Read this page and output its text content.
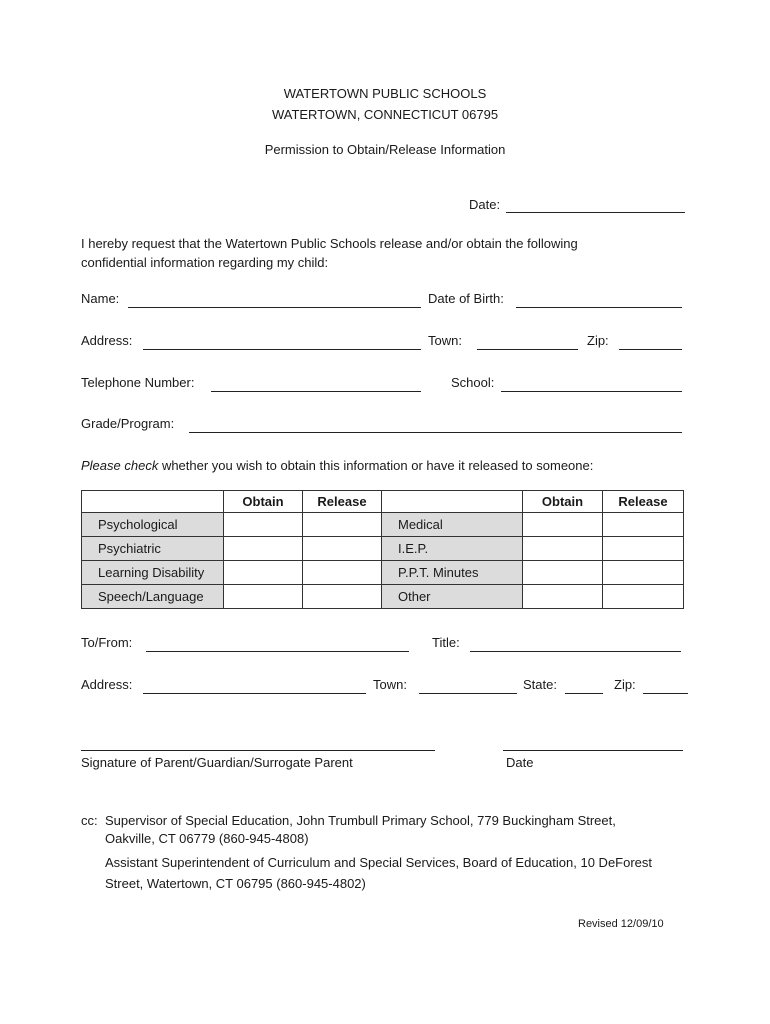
WATERTOWN PUBLIC SCHOOLS
WATERTOWN, CONNECTICUT 06795
Permission to Obtain/Release Information
Date:
I hereby request that the Watertown Public Schools release and/or obtain the following confidential information regarding my child:
Name:	Date of Birth:
Address:	Town:	Zip:
Telephone Number:	School:
Grade/Program:
Please check whether you wish to obtain this information or have it released to someone:
	Obtain	Release		Obtain	Release
Psychological			Medical		
Psychiatric			I.E.P.		
Learning Disability			P.P.T. Minutes		
Speech/Language			Other		
To/From:	Title:
Address:	Town:	State:	Zip:
Signature of Parent/Guardian/Surrogate Parent	Date
cc: Supervisor of Special Education, John Trumbull Primary School, 779 Buckingham Street,
Oakville, CT 06779 (860-945-4808)
Assistant Superintendent of Curriculum and Special Services, Board of Education, 10 DeForest
Street, Watertown, CT 06795 (860-945-4802)
Revised 12/09/10
